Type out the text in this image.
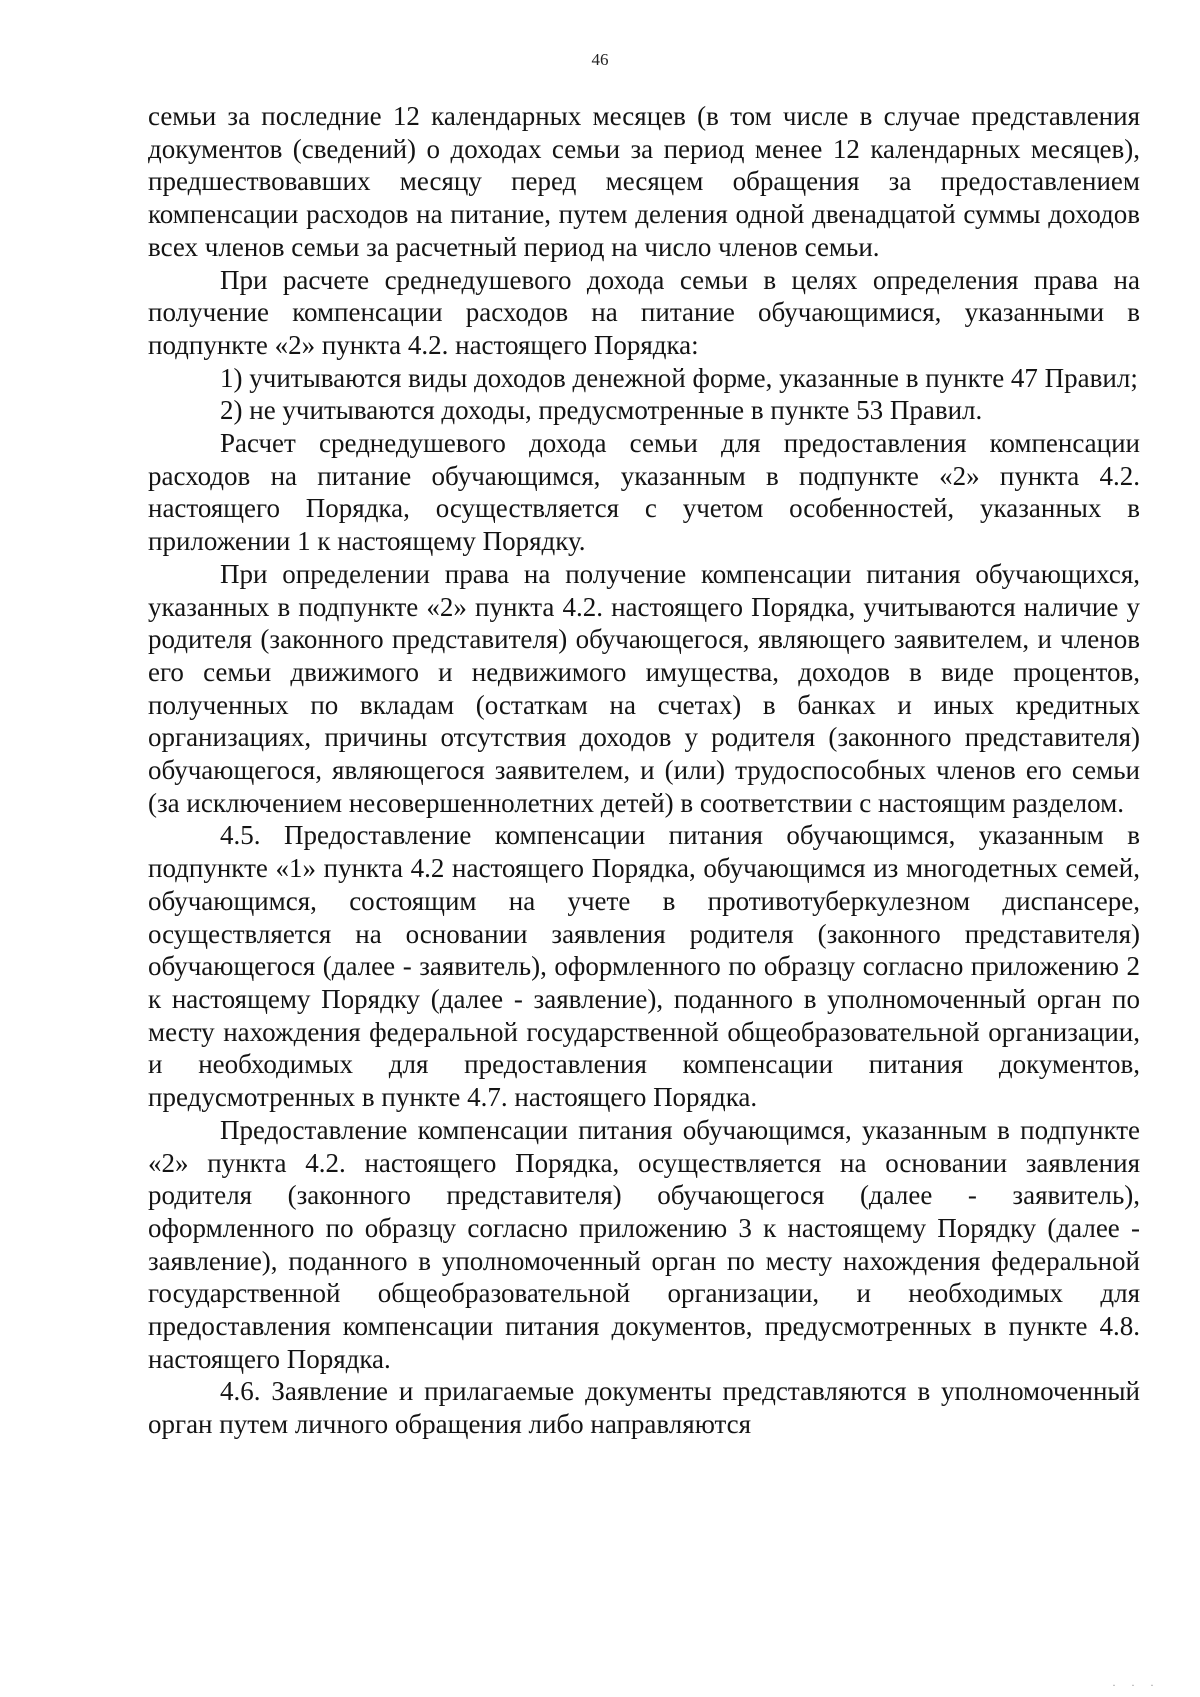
46

семьи за последние 12 календарных месяцев (в том числе в случае представления документов (сведений) о доходах семьи за период менее 12 календарных месяцев), предшествовавших месяцу перед месяцем обращения за предоставлением компенсации расходов на питание, путем деления одной двенадцатой суммы доходов всех членов семьи за расчетный период на число членов семьи.

При расчете среднедушевого дохода семьи в целях определения права на получение компенсации расходов на питание обучающимися, указанными в подпункте «2» пункта 4.2. настоящего Порядка:

1) учитываются виды доходов денежной форме, указанные в пункте 47 Правил;

2) не учитываются доходы, предусмотренные в пункте 53 Правил.

Расчет среднедушевого дохода семьи для предоставления компенсации расходов на питание обучающимся, указанным в подпункте «2» пункта 4.2. настоящего Порядка, осуществляется с учетом особенностей, указанных в приложении 1 к настоящему Порядку.

При определении права на получение компенсации питания обучающихся, указанных в подпункте «2» пункта 4.2. настоящего Порядка, учитываются наличие у родителя (законного представителя) обучающегося, являющего заявителем, и членов его семьи движимого и недвижимого имущества, доходов в виде процентов, полученных по вкладам (остаткам на счетах) в банках и иных кредитных организациях, причины отсутствия доходов у родителя (законного представителя) обучающегося, являющегося заявителем, и (или) трудоспособных членов его семьи (за исключением несовершеннолетних детей) в соответствии с настоящим разделом.

4.5. Предоставление компенсации питания обучающимся, указанным в подпункте «1» пункта 4.2 настоящего Порядка, обучающимся из многодетных семей, обучающимся, состоящим на учете в противотуберкулезном диспансере, осуществляется на основании заявления родителя (законного представителя) обучающегося (далее - заявитель), оформленного по образцу согласно приложению 2 к настоящему Порядку (далее - заявление), поданного в уполномоченный орган по месту нахождения федеральной государственной общеобразовательной организации, и необходимых для предоставления компенсации питания документов, предусмотренных в пункте 4.7. настоящего Порядка.

Предоставление компенсации питания обучающимся, указанным в подпункте «2» пункта 4.2. настоящего Порядка, осуществляется на основании заявления родителя (законного представителя) обучающегося (далее - заявитель), оформленного по образцу согласно приложению 3 к настоящему Порядку (далее - заявление), поданного в уполномоченный орган по месту нахождения федеральной государственной общеобразовательной организации, и необходимых для предоставления компенсации питания документов, предусмотренных в пункте 4.8. настоящего Порядка.

4.6. Заявление и прилагаемые документы представляются в уполномоченный орган путем личного обращения либо направляются

· · ·
